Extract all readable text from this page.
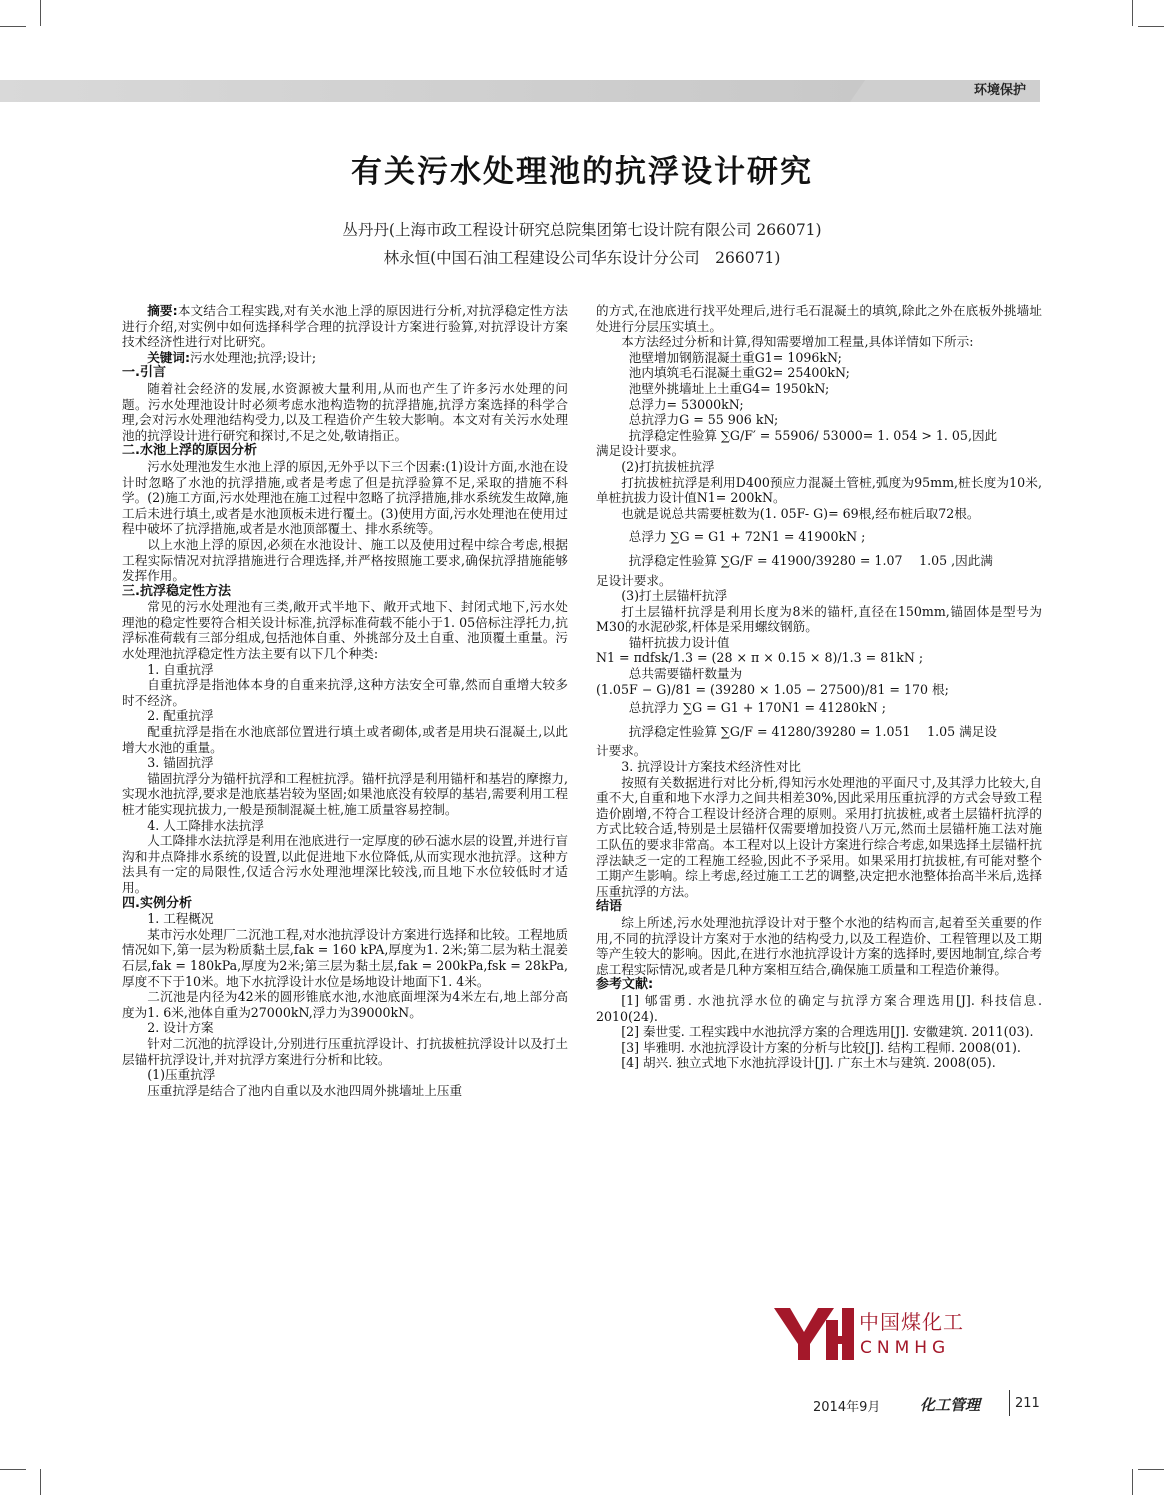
环境保护
有关污水处理池的抗浮设计研究
丛丹丹(上海市政工程设计研究总院集团第七设计院有限公司 266071)
林永恒(中国石油工程建设公司华东设计分公司　266071)

摘要:本文结合工程实践,对有关水池上浮的原因进行分析,对抗浮稳定性方法进行介绍,对实例中如何选择科学合理的抗浮设计方案进行验算,对抗浮设计方案技术经济性进行对比研究。

关键词:污水处理池;抗浮;设计;

一.引言

随着社会经济的发展,水资源被大量利用,从而也产生了许多污水处理的问题。污水处理池设计时必须考虑水池构造物的抗浮措施,抗浮方案选择的科学合理,会对污水处理池结构受力,以及工程造价产生较大影响。本文对有关污水处理池的抗浮设计进行研究和探讨,不足之处,敬请指正。

二.水池上浮的原因分析

污水处理池发生水池上浮的原因,无外乎以下三个因素:(1)设计方面,水池在设计时忽略了水池的抗浮措施,或者是考虑了但是抗浮验算不足,采取的措施不科学。(2)施工方面,污水处理池在施工过程中忽略了抗浮措施,排水系统发生故障,施工后未进行填土,或者是水池顶板未进行覆土。(3)使用方面,污水处理池在使用过程中破坏了抗浮措施,或者是水池顶部覆土、排水系统等。

以上水池上浮的原因,必须在水池设计、施工以及使用过程中综合考虑,根据工程实际情况对抗浮措施进行合理选择,并严格按照施工要求,确保抗浮措施能够发挥作用。

三.抗浮稳定性方法

常见的污水处理池有三类,敞开式半地下、敞开式地下、封闭式地下,污水处理池的稳定性要符合相关设计标准,抗浮标准荷载不能小于1. 05倍标注浮托力,抗浮标准荷载有三部分组成,包括池体自重、外挑部分及土自重、池顶覆土重量。污水处理池抗浮稳定性方法主要有以下几个种类:

1. 自重抗浮

自重抗浮是指池体本身的自重来抗浮,这种方法安全可靠,然而自重增大较多时不经济。

2. 配重抗浮

配重抗浮是指在水池底部位置进行填土或者砌体,或者是用块石混凝土,以此增大水池的重量。

3. 锚固抗浮

锚固抗浮分为锚杆抗浮和工程桩抗浮。锚杆抗浮是利用锚杆和基岩的摩擦力,实现水池抗浮,要求是池底基岩较为坚固;如果池底没有较厚的基岩,需要利用工程桩才能实现抗拔力,一般是预制混凝土桩,施工质量容易控制。

4. 人工降排水法抗浮

人工降排水法抗浮是利用在池底进行一定厚度的砂石滤水层的设置,并进行盲沟和井点降排水系统的设置,以此促进地下水位降低,从而实现水池抗浮。这种方法具有一定的局限性,仅适合污水处理池埋深比较浅,而且地下水位较低时才适用。

四.实例分析

1. 工程概况

某市污水处理厂二沉池工程,对水池抗浮设计方案进行选择和比较。工程地质情况如下,第一层为粉质黏土层,fak = 160 kPA,厚度为1. 2米;第二层为粘土混姜石层,fak = 180kPa,厚度为2米;第三层为黏土层,fak = 200kPa,fsk = 28kPa,厚度不下于10米。地下水抗浮设计水位是场地设计地面下1. 4米。

二沉池是内径为42米的圆形锥底水池,水池底面埋深为4米左右,地上部分高度为1. 6米,池体自重为27000kN,浮力为39000kN。

2. 设计方案

针对二沉池的抗浮设计,分别进行压重抗浮设计、打抗拔桩抗浮设计以及打土层锚杆抗浮设计,并对抗浮方案进行分析和比较。

(1)压重抗浮

压重抗浮是结合了池内自重以及水池四周外挑墙址上压重

的方式,在池底进行找平处理后,进行毛石混凝土的填筑,除此之外在底板外挑墙址处进行分层压实填土。

本方法经过分析和计算,得知需要增加工程量,具体详情如下所示:

池壁增加钢筋混凝土重G1= 1096kN;

池内填筑毛石混凝土重G2= 25400kN;

池壁外挑墙址上土重G4= 1950kN;

总浮力= 53000kN;

总抗浮力G = 55 906 kN;

抗浮稳定性验算 ∑G/F′ = 55906/ 53000= 1. 054 > 1. 05,因此

满足设计要求。

(2)打抗拔桩抗浮

打抗拔桩抗浮是利用D400预应力混凝土管桩,弧度为95mm,桩长度为10米,单桩抗拔力设计值N1= 200kN。

也就是说总共需要桩数为(1. 05F- G)= 69根,经布桩后取72根。

总浮力 ∑G = G1 + 72N1 = 41900kN ;

抗浮稳定性验算 ∑G/F = 41900/39280 = 1.07　 1.05 ,因此满

足设计要求。

(3)打土层锚杆抗浮

打土层锚杆抗浮是利用长度为8米的锚杆,直径在150mm,锚固体是型号为M30的水泥砂浆,杆体是采用螺纹钢筋。

锚杆抗拔力设计值

N1 = πdfsk/1.3 = (28 × π × 0.15 × 8)/1.3 = 81kN ;

总共需要锚杆数量为

(1.05F − G)/81 = (39280 × 1.05 − 27500)/81 = 170 根;

总抗浮力 ∑G = G1 + 170N1 = 41280kN ;

抗浮稳定性验算 ∑G/F = 41280/39280 = 1.051　 1.05 满足设

计要求。

3. 抗浮设计方案技术经济性对比

按照有关数据进行对比分析,得知污水处理池的平面尺寸,及其浮力比较大,自重不大,自重和地下水浮力之间共相差30%,因此采用压重抗浮的方式会导致工程造价剧增,不符合工程设计经济合理的原则。采用打抗拔桩,或者土层锚杆抗浮的方式比较合适,特别是土层锚杆仅需要增加投资八万元,然而土层锚杆施工法对施工队伍的要求非常高。本工程对以上设计方案进行综合考虑,如果选择土层锚杆抗浮法缺乏一定的工程施工经验,因此不予采用。如果采用打抗拔桩,有可能对整个工期产生影响。综上考虑,经过施工工艺的调整,决定把水池整体抬高半米后,选择压重抗浮的方法。

结语

综上所述,污水处理池抗浮设计对于整个水池的结构而言,起着至关重要的作用,不同的抗浮设计方案对于水池的结构受力,以及工程造价、工程管理以及工期等产生较大的影响。因此,在进行水池抗浮设计方案的选择时,要因地制宜,综合考虑工程实际情况,或者是几种方案相互结合,确保施工质量和工程造价兼得。

参考文献:

[1] 郇雷勇. 水池抗浮水位的确定与抗浮方案合理选用[J]. 科技信息. 2010(24).

[2] 秦世雯. 工程实践中水池抗浮方案的合理选用[J]. 安徽建筑. 2011(03).

[3] 毕雅明. 水池抗浮设计方案的分析与比较[J]. 结构工程师. 2008(01).

[4] 胡兴. 独立式地下水池抗浮设计[J]. 广东土木与建筑. 2008(05).

中国煤化工
CNMHG
2014年9月	化工管理	211
